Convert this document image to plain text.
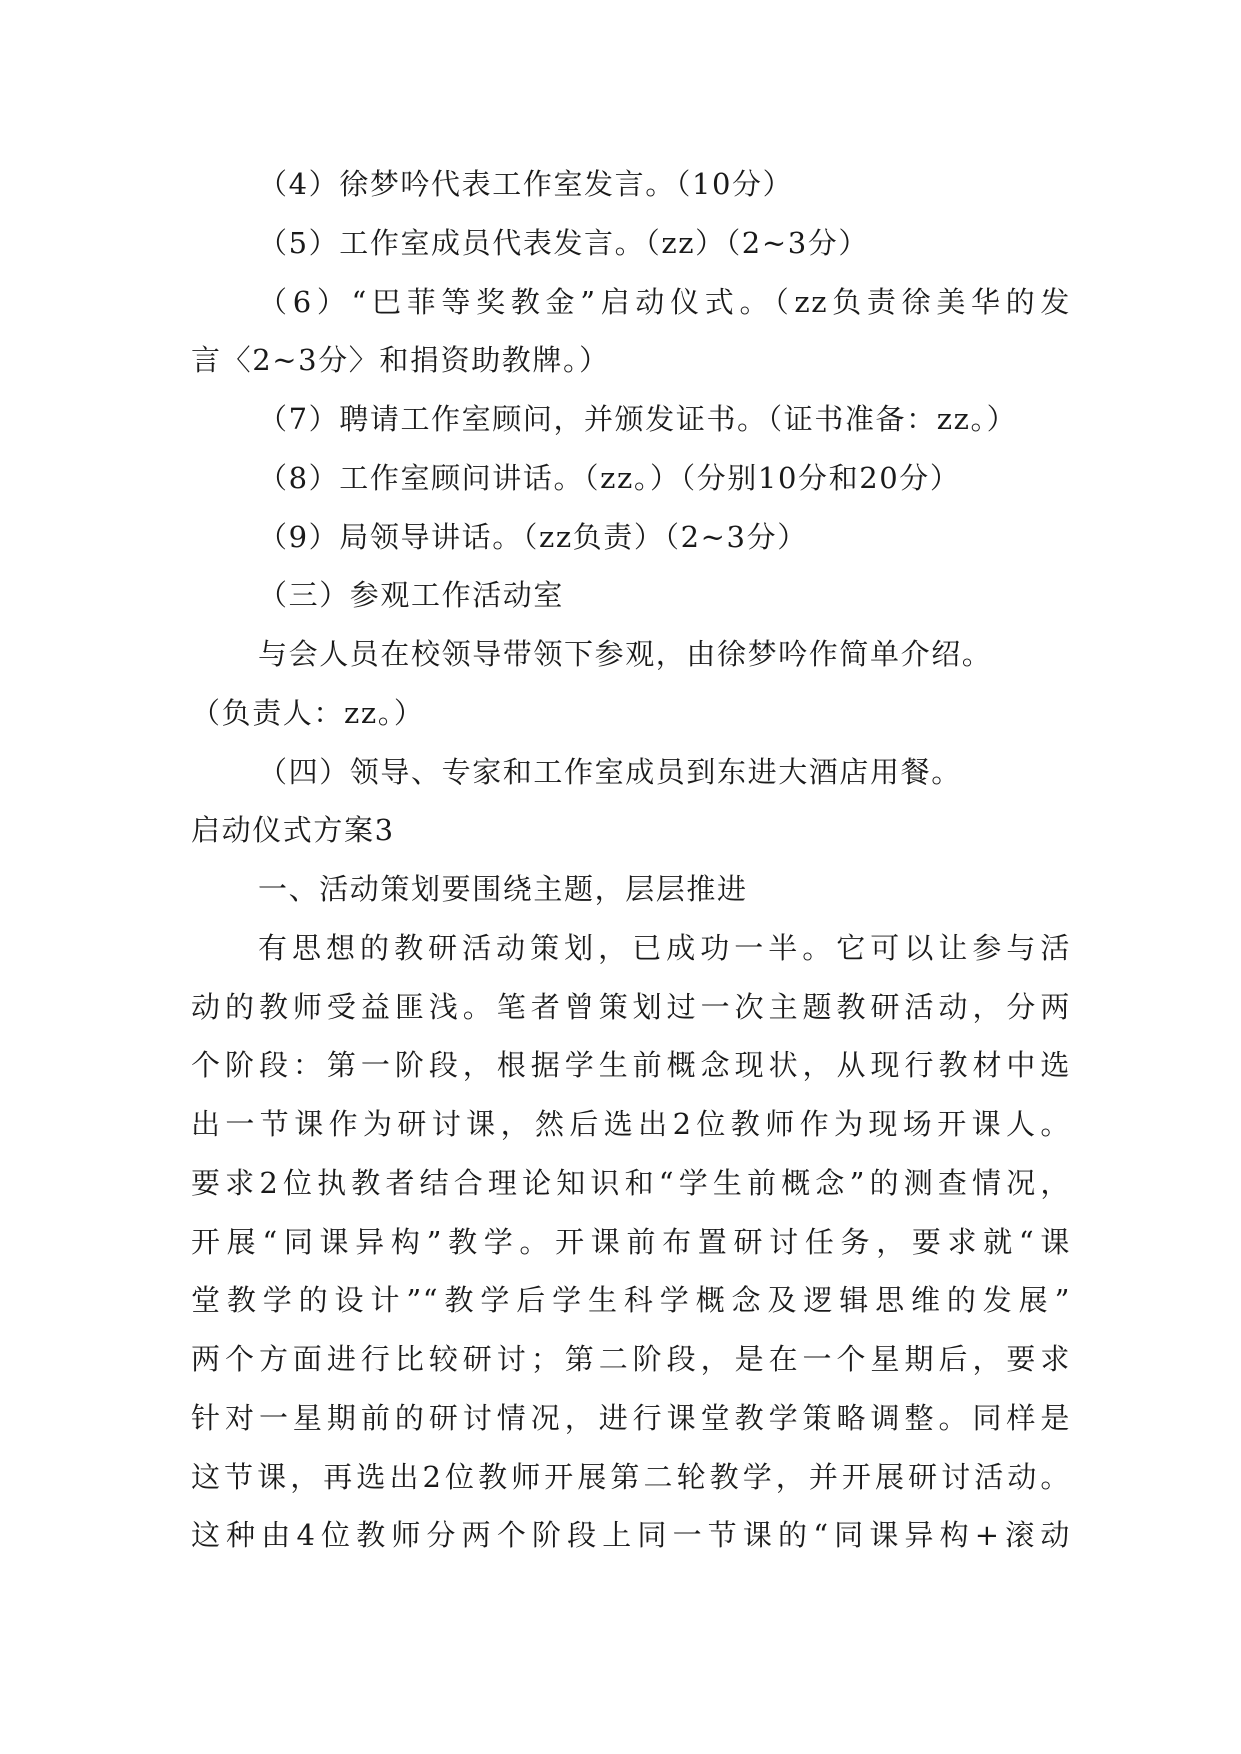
（4）徐梦吟代表工作室发言。（10分）
（5）工作室成员代表发言。（zz）（2~3分）
（6）“巴菲等奖教金”启动仪式。（zz负责徐美华的发
言〈2~3分〉和捐资助教牌。）
（7）聘请工作室顾问，并颁发证书。（证书准备：zz。）
（8）工作室顾问讲话。（zz。）（分别10分和20分）
（9）局领导讲话。（zz负责）（2~3分）
（三）参观工作活动室
与会人员在校领导带领下参观，由徐梦吟作简单介绍。
（负责人：zz。）
（四）领导、专家和工作室成员到东进大酒店用餐。
启动仪式方案3
一、活动策划要围绕主题，层层推进
有思想的教研活动策划，已成功一半。它可以让参与活
动的教师受益匪浅。笔者曾策划过一次主题教研活动，分两
个阶段：第一阶段，根据学生前概念现状，从现行教材中选
出一节课作为研讨课，然后选出2位教师作为现场开课人。
要求2位执教者结合理论知识和“学生前概念”的测查情况，
开展“同课异构”教学。开课前布置研讨任务，要求就“课
堂教学的设计”“教学后学生科学概念及逻辑思维的发展”
两个方面进行比较研讨；第二阶段，是在一个星期后，要求
针对一星期前的研讨情况，进行课堂教学策略调整。同样是
这节课，再选出2位教师开展第二轮教学，并开展研讨活动。
这种由4位教师分两个阶段上同一节课的“同课异构+滚动
